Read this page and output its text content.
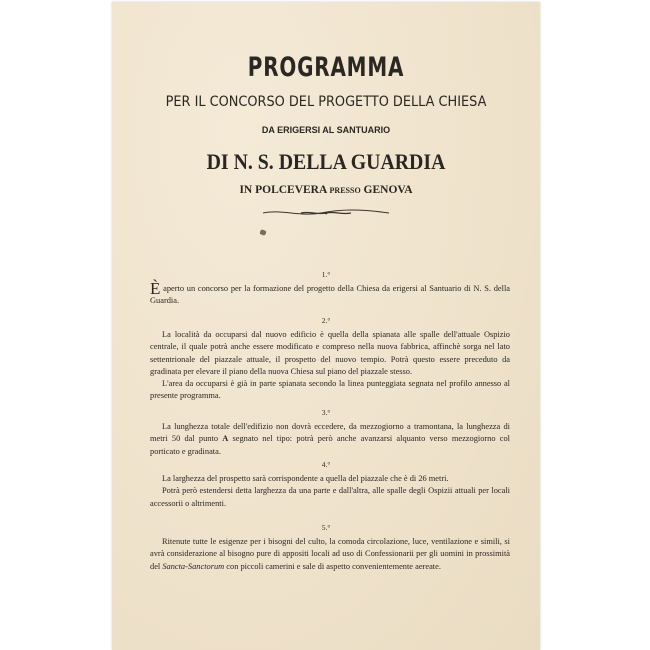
PROGRAMMA
PER IL CONCORSO DEL PROGETTO DELLA CHIESA
DA ERIGERSI AL SANTUARIO
DI N. S. DELLA GUARDIA
IN POLCEVERA PRESSO GENOVA
1.°

È aperto un concorso per la formazione del progetto della Chiesa da erigersi al Santuario di N. S. della Guardia.

2.°

La località da occuparsi dal nuovo edificio è quella della spianata alle spalle dell'attuale Ospizio centrale, il quale potrà anche essere modificato e compreso nella nuova fabbrica, affinchè sorga nel lato settentrionale del piazzale attuale, il prospetto del nuovo tempio. Potrà questo essere preceduto da gradinata per elevare il piano della nuova Chiesa sul piano del piazzale stesso.

L'area da occuparsi è già in parte spianata secondo la linea punteggiata segnata nel profilo annesso al presente programma.

3.°

La lunghezza totale dell'edifizio non dovrà eccedere, da mezzogiorno a tramontana, la lunghezza di metri 50 dal punto A segnato nel tipo: potrà però anche avanzarsi alquanto verso mezzogiorno col porticato e gradinata.

4.°

La larghezza del prospetto sarà corrispondente a quella del piazzale che è di 26 metri.

Potrà però estendersi detta larghezza da una parte e dall'altra, alle spalle degli Ospizii attuali per locali accessorii o altrimenti.

5.°

Ritenute tutte le esigenze per i bisogni del culto, la comoda circolazione, luce, ventilazione e simili, si avrà considerazione al bisogno pure di appositi locali ad uso di Confessionarii per gli uomini in prossimità del Sancta-Sanctorum con piccoli camerini e sale di aspetto convenientemente aereate.
